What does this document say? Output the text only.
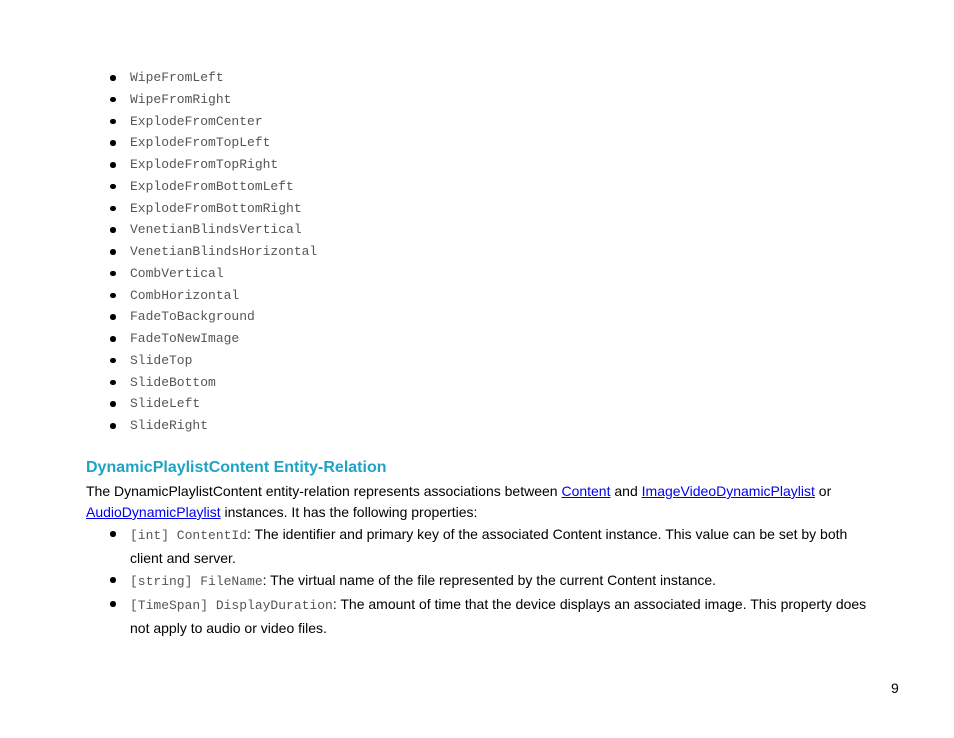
WipeFromLeft
WipeFromRight
ExplodeFromCenter
ExplodeFromTopLeft
ExplodeFromTopRight
ExplodeFromBottomLeft
ExplodeFromBottomRight
VenetianBlindsVertical
VenetianBlindsHorizontal
CombVertical
CombHorizontal
FadeToBackground
FadeToNewImage
SlideTop
SlideBottom
SlideLeft
SlideRight
DynamicPlaylistContent Entity-Relation

The DynamicPlaylistContent entity-relation represents associations between Content and ImageVideoDynamicPlaylist or AudioDynamicPlaylist instances. It has the following properties:

[int] ContentId: The identifier and primary key of the associated Content instance. This value can be set by both client and server.
[string] FileName: The virtual name of the file represented by the current Content instance.
[TimeSpan] DisplayDuration: The amount of time that the device displays an associated image. This property does not apply to audio or video files.
9
